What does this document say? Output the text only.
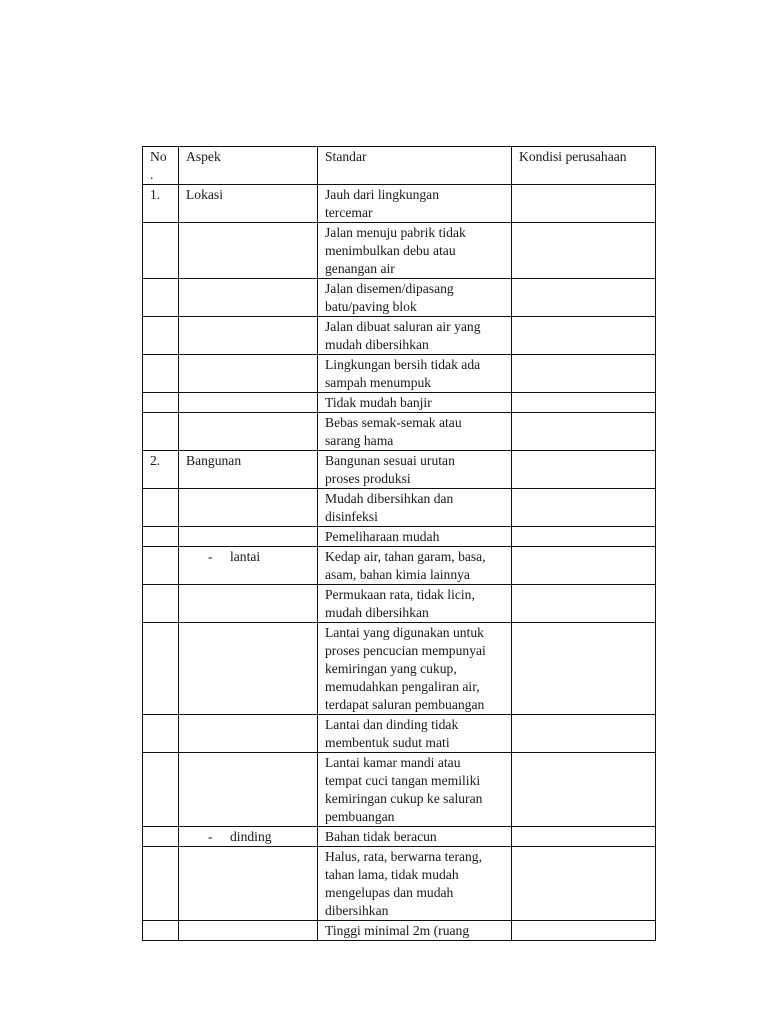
No
.	Aspek	Standar	Kondisi perusahaan
1.	Lokasi	Jauh dari lingkungan
tercemar	
		Jalan menuju pabrik tidak
menimbulkan debu atau
genangan air	
		Jalan disemen/dipasang
batu/paving blok	
		Jalan dibuat saluran air yang
mudah dibersihkan	
		Lingkungan bersih tidak ada
sampah menumpuk	
		Tidak mudah banjir	
		Bebas semak-semak atau
sarang hama	
2.	Bangunan	Bangunan sesuai urutan
proses produksi	
		Mudah dibersihkan dan
disinfeksi	
		Pemeliharaan mudah	
	- lantai	Kedap air, tahan garam, basa,
asam, bahan kimia lainnya	
		Permukaan rata, tidak licin,
mudah dibersihkan	
		Lantai yang digunakan untuk
proses pencucian mempunyai
kemiringan yang cukup,
memudahkan pengaliran air,
terdapat saluran pembuangan	
		Lantai dan dinding tidak
membentuk sudut mati	
		Lantai kamar mandi atau
tempat cuci tangan memiliki
kemiringan cukup ke saluran
pembuangan	
	- dinding	Bahan tidak beracun	
		Halus, rata, berwarna terang,
tahan lama, tidak mudah
mengelupas dan mudah
dibersihkan	
		Tinggi minimal 2m (ruang	
